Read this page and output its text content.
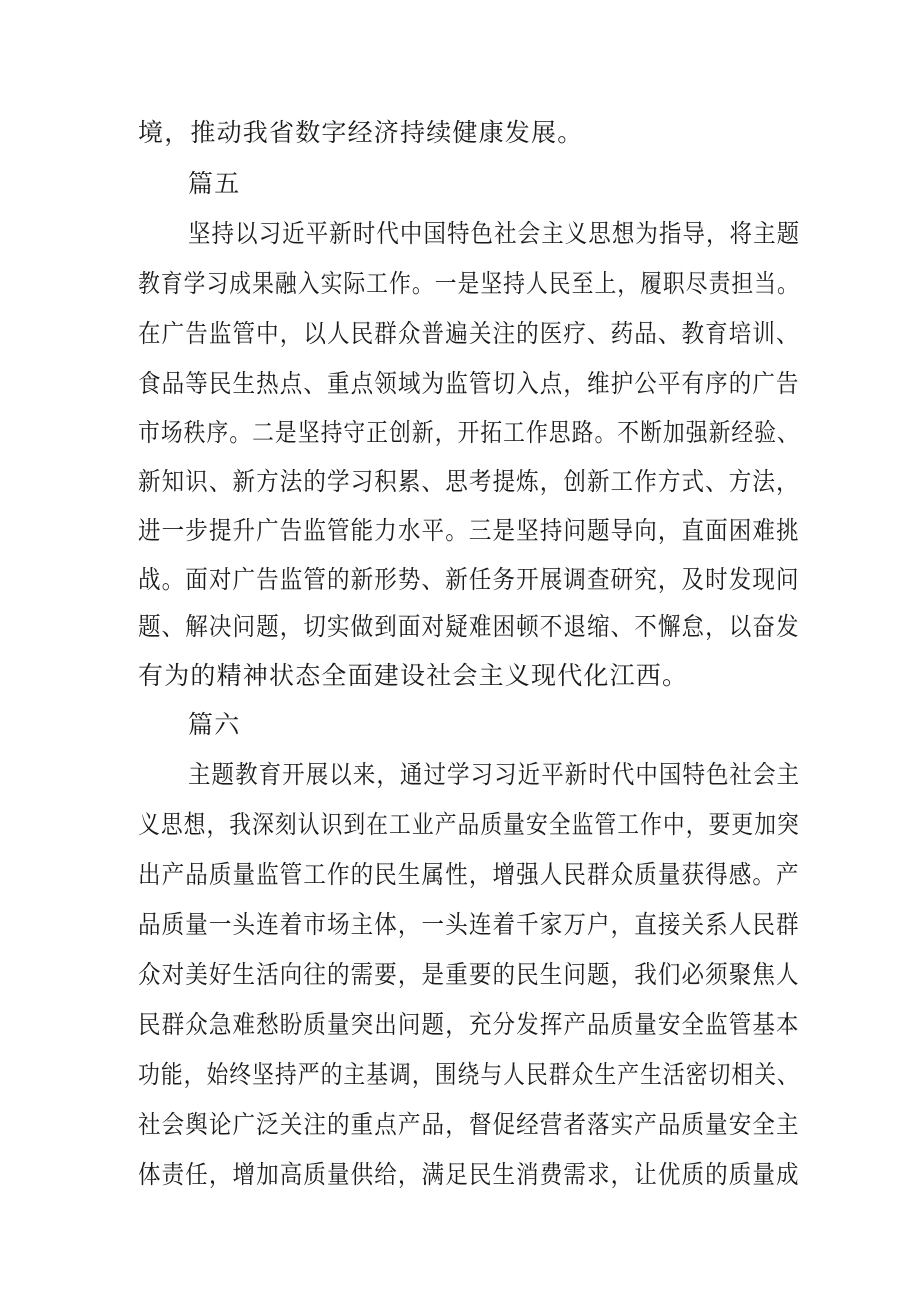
境，推动我省数字经济持续健康发展。
篇五
坚持以习近平新时代中国特色社会主义思想为指导，将主题
教育学习成果融入实际工作。一是坚持人民至上，履职尽责担当。
在广告监管中，以人民群众普遍关注的医疗、药品、教育培训、
食品等民生热点、重点领域为监管切入点，维护公平有序的广告
市场秩序。二是坚持守正创新，开拓工作思路。不断加强新经验、
新知识、新方法的学习积累、思考提炼，创新工作方式、方法，
进一步提升广告监管能力水平。三是坚持问题导向，直面困难挑
战。面对广告监管的新形势、新任务开展调查研究，及时发现问
题、解决问题，切实做到面对疑难困顿不退缩、不懈怠，以奋发
有为的精神状态全面建设社会主义现代化江西。
篇六
主题教育开展以来，通过学习习近平新时代中国特色社会主
义思想，我深刻认识到在工业产品质量安全监管工作中，要更加突
出产品质量监管工作的民生属性，增强人民群众质量获得感。产
品质量一头连着市场主体，一头连着千家万户，直接关系人民群
众对美好生活向往的需要，是重要的民生问题，我们必须聚焦人
民群众急难愁盼质量突出问题，充分发挥产品质量安全监管基本
功能，始终坚持严的主基调，围绕与人民群众生产生活密切相关、
社会舆论广泛关注的重点产品，督促经营者落实产品质量安全主
体责任，增加高质量供给，满足民生消费需求，让优质的质量成
